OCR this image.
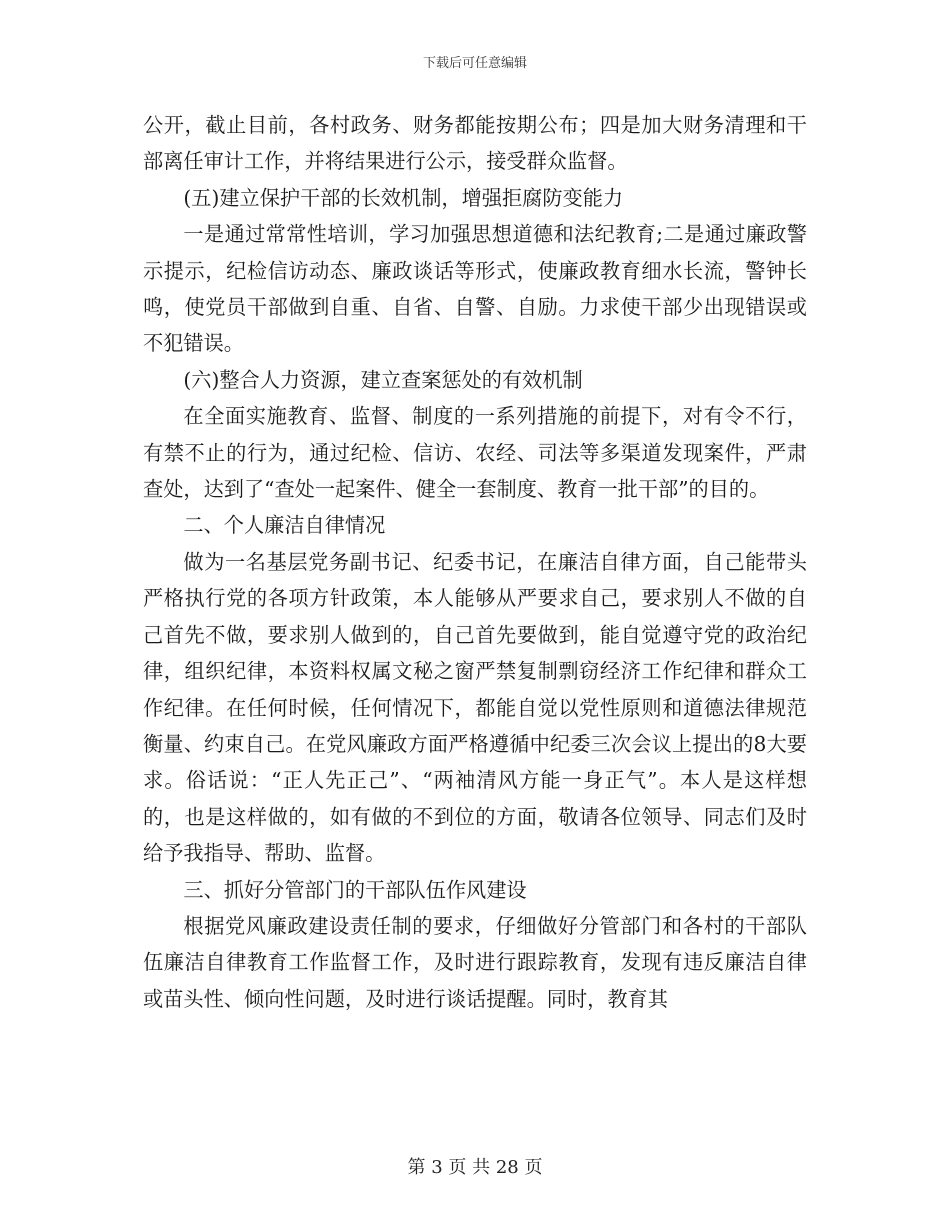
下载后可任意编辑

公开，截止目前，各村政务、财务都能按期公布；四是加大财务清理和干部离任审计工作，并将结果进行公示，接受群众监督。

(五)建立保护干部的长效机制，增强拒腐防变能力

一是通过常常性培训，学习加强思想道德和法纪教育;二是通过廉政警示提示，纪检信访动态、廉政谈话等形式，使廉政教育细水长流，警钟长鸣，使党员干部做到自重、自省、自警、自励。力求使干部少出现错误或不犯错误。

(六)整合人力资源，建立查案惩处的有效机制

在全面实施教育、监督、制度的一系列措施的前提下，对有令不行，有禁不止的行为，通过纪检、信访、农经、司法等多渠道发现案件，严肃查处，达到了“查处一起案件、健全一套制度、教育一批干部”的目的。

二、个人廉洁自律情况

做为一名基层党务副书记、纪委书记，在廉洁自律方面，自己能带头严格执行党的各项方针政策，本人能够从严要求自己，要求别人不做的自己首先不做，要求别人做到的，自己首先要做到，能自觉遵守党的政治纪律，组织纪律，本资料权属文秘之窗严禁复制剽窃经济工作纪律和群众工作纪律。在任何时候，任何情况下，都能自觉以党性原则和道德法律规范衡量、约束自己。在党风廉政方面严格遵循中纪委三次会议上提出的8大要求。俗话说：“正人先正己”、“两袖清风方能一身正气”。本人是这样想的，也是这样做的，如有做的不到位的方面，敬请各位领导、同志们及时给予我指导、帮助、监督。

三、抓好分管部门的干部队伍作风建设

根据党风廉政建设责任制的要求，仔细做好分管部门和各村的干部队伍廉洁自律教育工作监督工作，及时进行跟踪教育，发现有违反廉洁自律或苗头性、倾向性问题，及时进行谈话提醒。同时，教育其

第 3 页 共 28 页
